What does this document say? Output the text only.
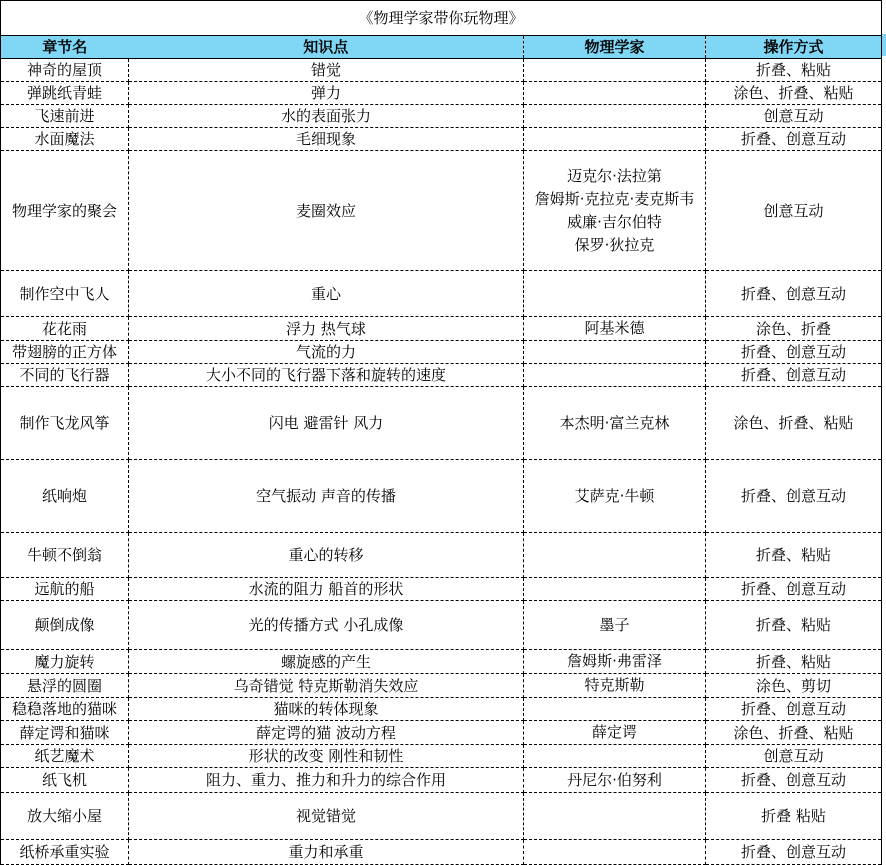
《物理学家带你玩物理》			
章节名	知识点	物理学家	操作方式
神奇的屋顶	错觉		折叠、粘贴
弹跳纸青蛙	弹力		涂色、折叠、粘贴
飞速前进	水的表面张力		创意互动
水面魔法	毛细现象		折叠、创意互动
物理学家的聚会	麦圈效应	迈克尔·法拉第
詹姆斯·克拉克·麦克斯韦
威廉·吉尔伯特
保罗·狄拉克	创意互动
制作空中飞人	重心		折叠、创意互动
花花雨	浮力 热气球	阿基米德	涂色、折叠
带翅膀的正方体	气流的力		折叠、创意互动
不同的飞行器	大小不同的飞行器下落和旋转的速度		折叠、创意互动
制作飞龙风筝	闪电 避雷针 风力	本杰明·富兰克林	涂色、折叠、粘贴
纸响炮	空气振动 声音的传播	艾萨克·牛顿	折叠、创意互动
牛顿不倒翁	重心的转移		折叠、粘贴
远航的船	水流的阻力 船首的形状		折叠、创意互动
颠倒成像	光的传播方式 小孔成像	墨子	折叠、粘贴
魔力旋转	螺旋感的产生	詹姆斯·弗雷泽	折叠、粘贴
悬浮的圆圈	乌奇错觉 特克斯勒消失效应	特克斯勒	涂色、剪切
稳稳落地的猫咪	猫咪的转体现象		折叠、创意互动
薛定谔和猫咪	薛定谔的猫 波动方程	薛定谔	涂色、折叠、粘贴
纸艺魔术	形状的改变 刚性和韧性		创意互动
纸飞机	阻力、重力、推力和升力的综合作用	丹尼尔·伯努利	折叠、创意互动
放大缩小屋	视觉错觉		折叠 粘贴
纸桥承重实验	重力和承重		折叠、创意互动
